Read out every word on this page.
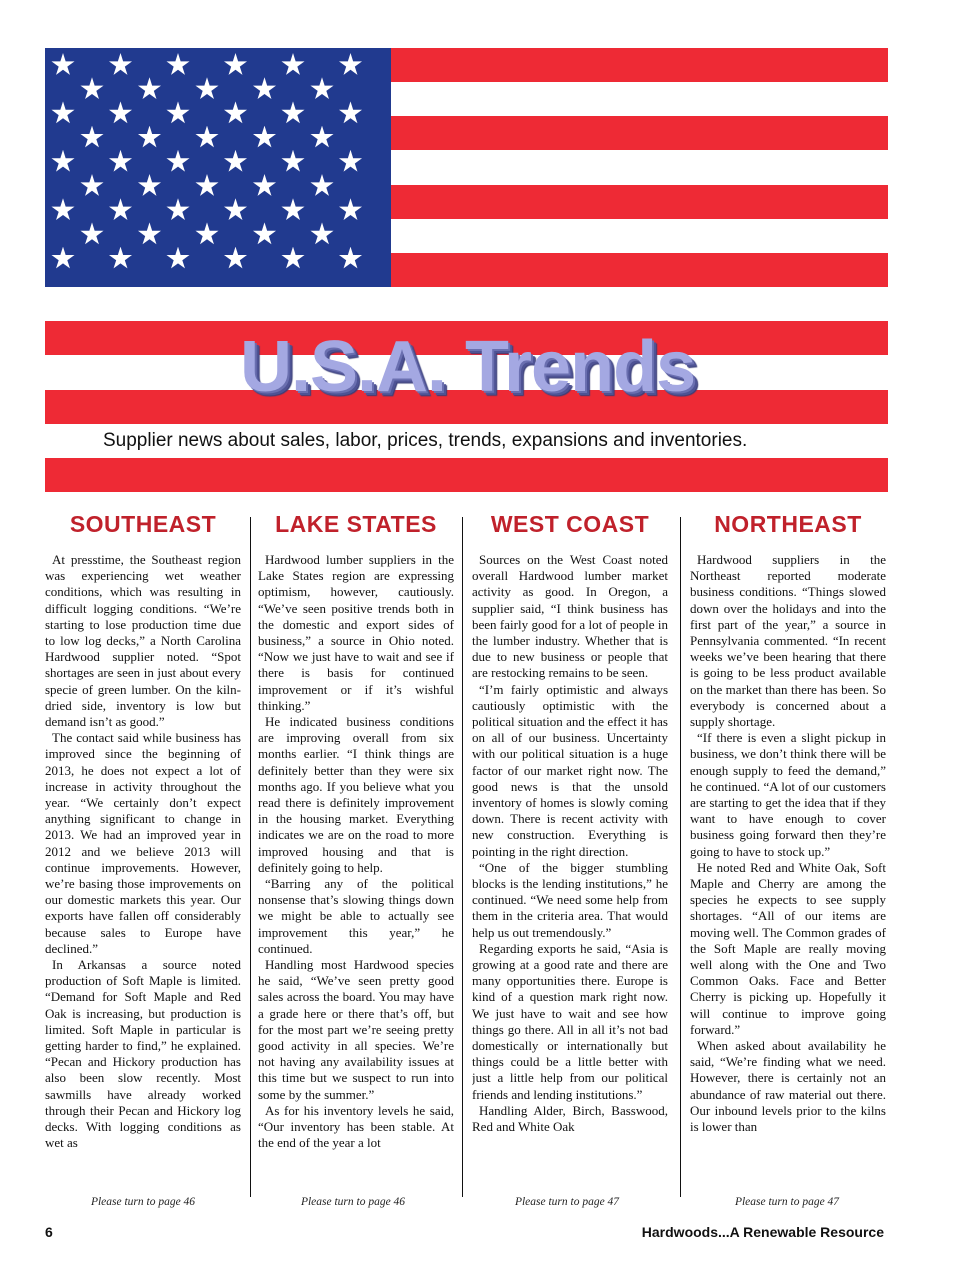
U.S.A. Trends

Supplier news about sales, labor, prices, trends, expansions and inventories.

SOUTHEAST

At presstime, the Southeast region was experiencing wet weather conditions, which was resulting in difficult logging conditions. “We’re starting to lose production time due to low log decks,” a North Carolina Hardwood supplier noted. “Spot shortages are seen in just about every specie of green lumber. On the kiln-dried side, inventory is low but demand isn’t as good.”

The contact said while business has improved since the beginning of 2013, he does not expect a lot of increase in activity throughout the year. “We certainly don’t expect anything significant to change in 2013. We had an improved year in 2012 and we believe 2013 will continue improvements. However, we’re basing those improvements on our domestic markets this year. Our exports have fallen off considerably because sales to Europe have declined.”

In Arkansas a source noted production of Soft Maple is limited. “Demand for Soft Maple and Red Oak is increasing, but production is limited. Soft Maple in particular is getting harder to find,” he explained. “Pecan and Hickory production has also been slow recently. Most sawmills have already worked through their Pecan and Hickory log decks. With logging conditions as wet as

LAKE STATES

Hardwood lumber suppliers in the Lake States region are expressing optimism, however, cautiously. “We’ve seen positive trends both in the domestic and export sides of business,” a source in Ohio noted. “Now we just have to wait and see if there is basis for continued improvement or if it’s wishful thinking.”

He indicated business conditions are improving overall from six months earlier. “I think things are definitely better than they were six months ago. If you believe what you read there is definitely improvement in the housing market. Everything indicates we are on the road to more improved housing and that is definitely going to help.

“Barring any of the political nonsense that’s slowing things down we might be able to actually see improvement this year,” he continued.

Handling most Hardwood species he said, “We’ve seen pretty good sales across the board. You may have a grade here or there that’s off, but for the most part we’re seeing pretty good activity in all species. We’re not having any availability issues at this time but we suspect to run into some by the summer.”

As for his inventory levels he said, “Our inventory has been stable. At the end of the year a lot

WEST COAST

Sources on the West Coast noted overall Hardwood lumber market activity as good. In Oregon, a supplier said, “I think business has been fairly good for a lot of people in the lumber industry. Whether that is due to new business or people that are restocking remains to be seen.

“I’m fairly optimistic and always cautiously optimistic with the political situation and the effect it has on all of our business. Uncertainty with our political situation is a huge factor of our market right now. The good news is that the unsold inventory of homes is slowly coming down. There is recent activity with new construction. Everything is pointing in the right direction.

“One of the bigger stumbling blocks is the lending institutions,” he continued. “We need some help from them in the criteria area. That would help us out tremendously.”

Regarding exports he said, “Asia is growing at a good rate and there are many opportunities there. Europe is kind of a question mark right now. We just have to wait and see how things go there. All in all it’s not bad domestically or internationally but things could be a little better with just a little help from our political friends and lending institutions.”

Handling Alder, Birch, Basswood, Red and White Oak

NORTHEAST

Hardwood suppliers in the Northeast reported moderate business conditions. “Things slowed down over the holidays and into the first part of the year,” a source in Pennsylvania commented. “In recent weeks we’ve been hearing that there is going to be less product available on the market than there has been. So everybody is concerned about a supply shortage.

“If there is even a slight pickup in business, we don’t think there will be enough supply to feed the demand,” he continued. “A lot of our customers are starting to get the idea that if they want to have enough to cover business going forward then they’re going to have to stock up.”

He noted Red and White Oak, Soft Maple and Cherry are among the species he expects to see supply shortages. “All of our items are moving well. The Common grades of the Soft Maple are really moving well along with the One and Two Common Oaks. Face and Better Cherry is picking up. Hopefully it will continue to improve going forward.”

When asked about availability he said, “We’re finding what we need. However, there is certainly not an abundance of raw material out there. Our inbound levels prior to the kilns is lower than

Please turn to page 46	Please turn to page 46	Please turn to page 47	Please turn to page 47
6	Hardwoods...A Renewable Resource
